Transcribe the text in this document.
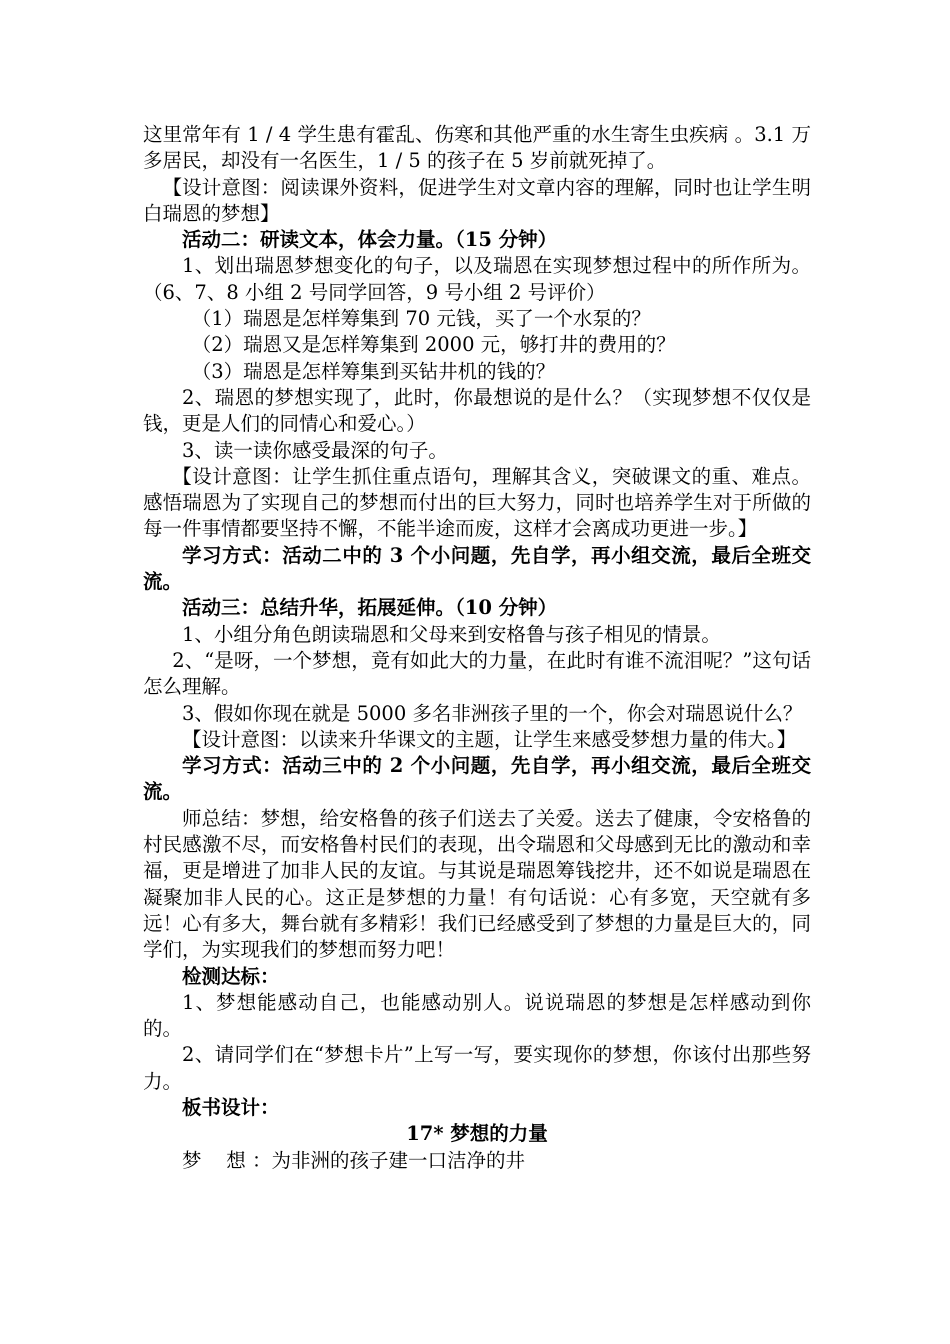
这里常年有 1 / 4 学生患有霍乱、伤寒和其他严重的水生寄生虫疾病 。3.1 万多居民，却没有一名医生，1 / 5 的孩子在 5 岁前就死掉了。

【设计意图：阅读课外资料，促进学生对文章内容的理解，同时也让学生明白瑞恩的梦想】

活动二：研读文本，体会力量。（15 分钟）

1、划出瑞恩梦想变化的句子，以及瑞恩在实现梦想过程中的所作所为。（6、7、8 小组 2 号同学回答，9 号小组 2 号评价）

（1）瑞恩是怎样筹集到 70 元钱，买了一个水泵的？

（2）瑞恩又是怎样筹集到 2000 元，够打井的费用的？

（3）瑞恩是怎样筹集到买钻井机的钱的？

2、瑞恩的梦想实现了，此时，你最想说的是什么？（实现梦想不仅仅是钱，更是人们的同情心和爱心。）

3、读一读你感受最深的句子。

【设计意图：让学生抓住重点语句，理解其含义，突破课文的重、难点。感悟瑞恩为了实现自己的梦想而付出的巨大努力，同时也培养学生对于所做的每一件事情都要坚持不懈，不能半途而废，这样才会离成功更进一步。】

学习方式：活动二中的 3 个小问题，先自学，再小组交流，最后全班交流。

活动三：总结升华，拓展延伸。（10 分钟）

1、小组分角色朗读瑞恩和父母来到安格鲁与孩子相见的情景。

2、“是呀，一个梦想，竟有如此大的力量，在此时有谁不流泪呢？”这句话怎么理解。

3、假如你现在就是 5000 多名非洲孩子里的一个，你会对瑞恩说什么？

【设计意图：以读来升华课文的主题，让学生来感受梦想力量的伟大。】

学习方式：活动三中的 2 个小问题，先自学，再小组交流，最后全班交流。

师总结：梦想，给安格鲁的孩子们送去了关爱。送去了健康，令安格鲁的村民感激不尽，而安格鲁村民们的表现，出令瑞恩和父母感到无比的激动和幸福，更是增进了加非人民的友谊。与其说是瑞恩筹钱挖井，还不如说是瑞恩在凝聚加非人民的心。这正是梦想的力量！有句话说：心有多宽，天空就有多远！心有多大，舞台就有多精彩！我们已经感受到了梦想的力量是巨大的，同学们，为实现我们的梦想而努力吧！

检测达标：

1、梦想能感动自己，也能感动别人。说说瑞恩的梦想是怎样感动到你的。

2、请同学们在“梦想卡片”上写一写，要实现你的梦想，你该付出那些努力。

板书设计：

17* 梦想的力量

梦    想 ：为非洲的孩子建一口洁净的井
